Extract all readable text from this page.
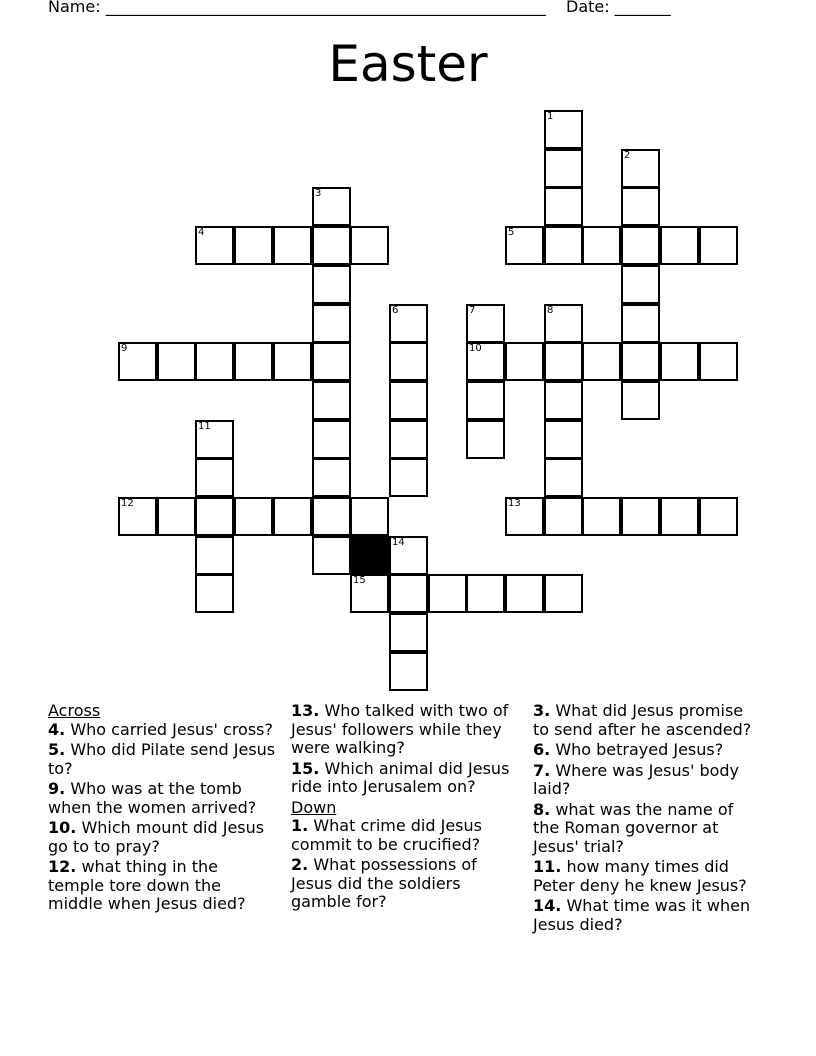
Name: _______________________________________________________ Date: _______
Easter
1
2
3
4	5
6	7
10
8
9
11
12	13
14
15
Across
4. Who carried Jesus' cross?
5. Who did Pilate send Jesus to?
9. Who was at the tomb when the women arrived?
10. Which mount did Jesus go to to pray?
12. what thing in the temple tore down the middle when Jesus died?
13. Who talked with two of Jesus' followers while they were walking?
15. Which animal did Jesus ride into Jerusalem on?
Down
1. What crime did Jesus commit to be crucified?
2. What possessions of Jesus did the soldiers gamble for?
3. What did Jesus promise to send after he ascended?
6. Who betrayed Jesus?
7. Where was Jesus' body laid?
8. what was the name of the Roman governor at Jesus' trial?
11. how many times did Peter deny he knew Jesus?
14. What time was it when Jesus died?
